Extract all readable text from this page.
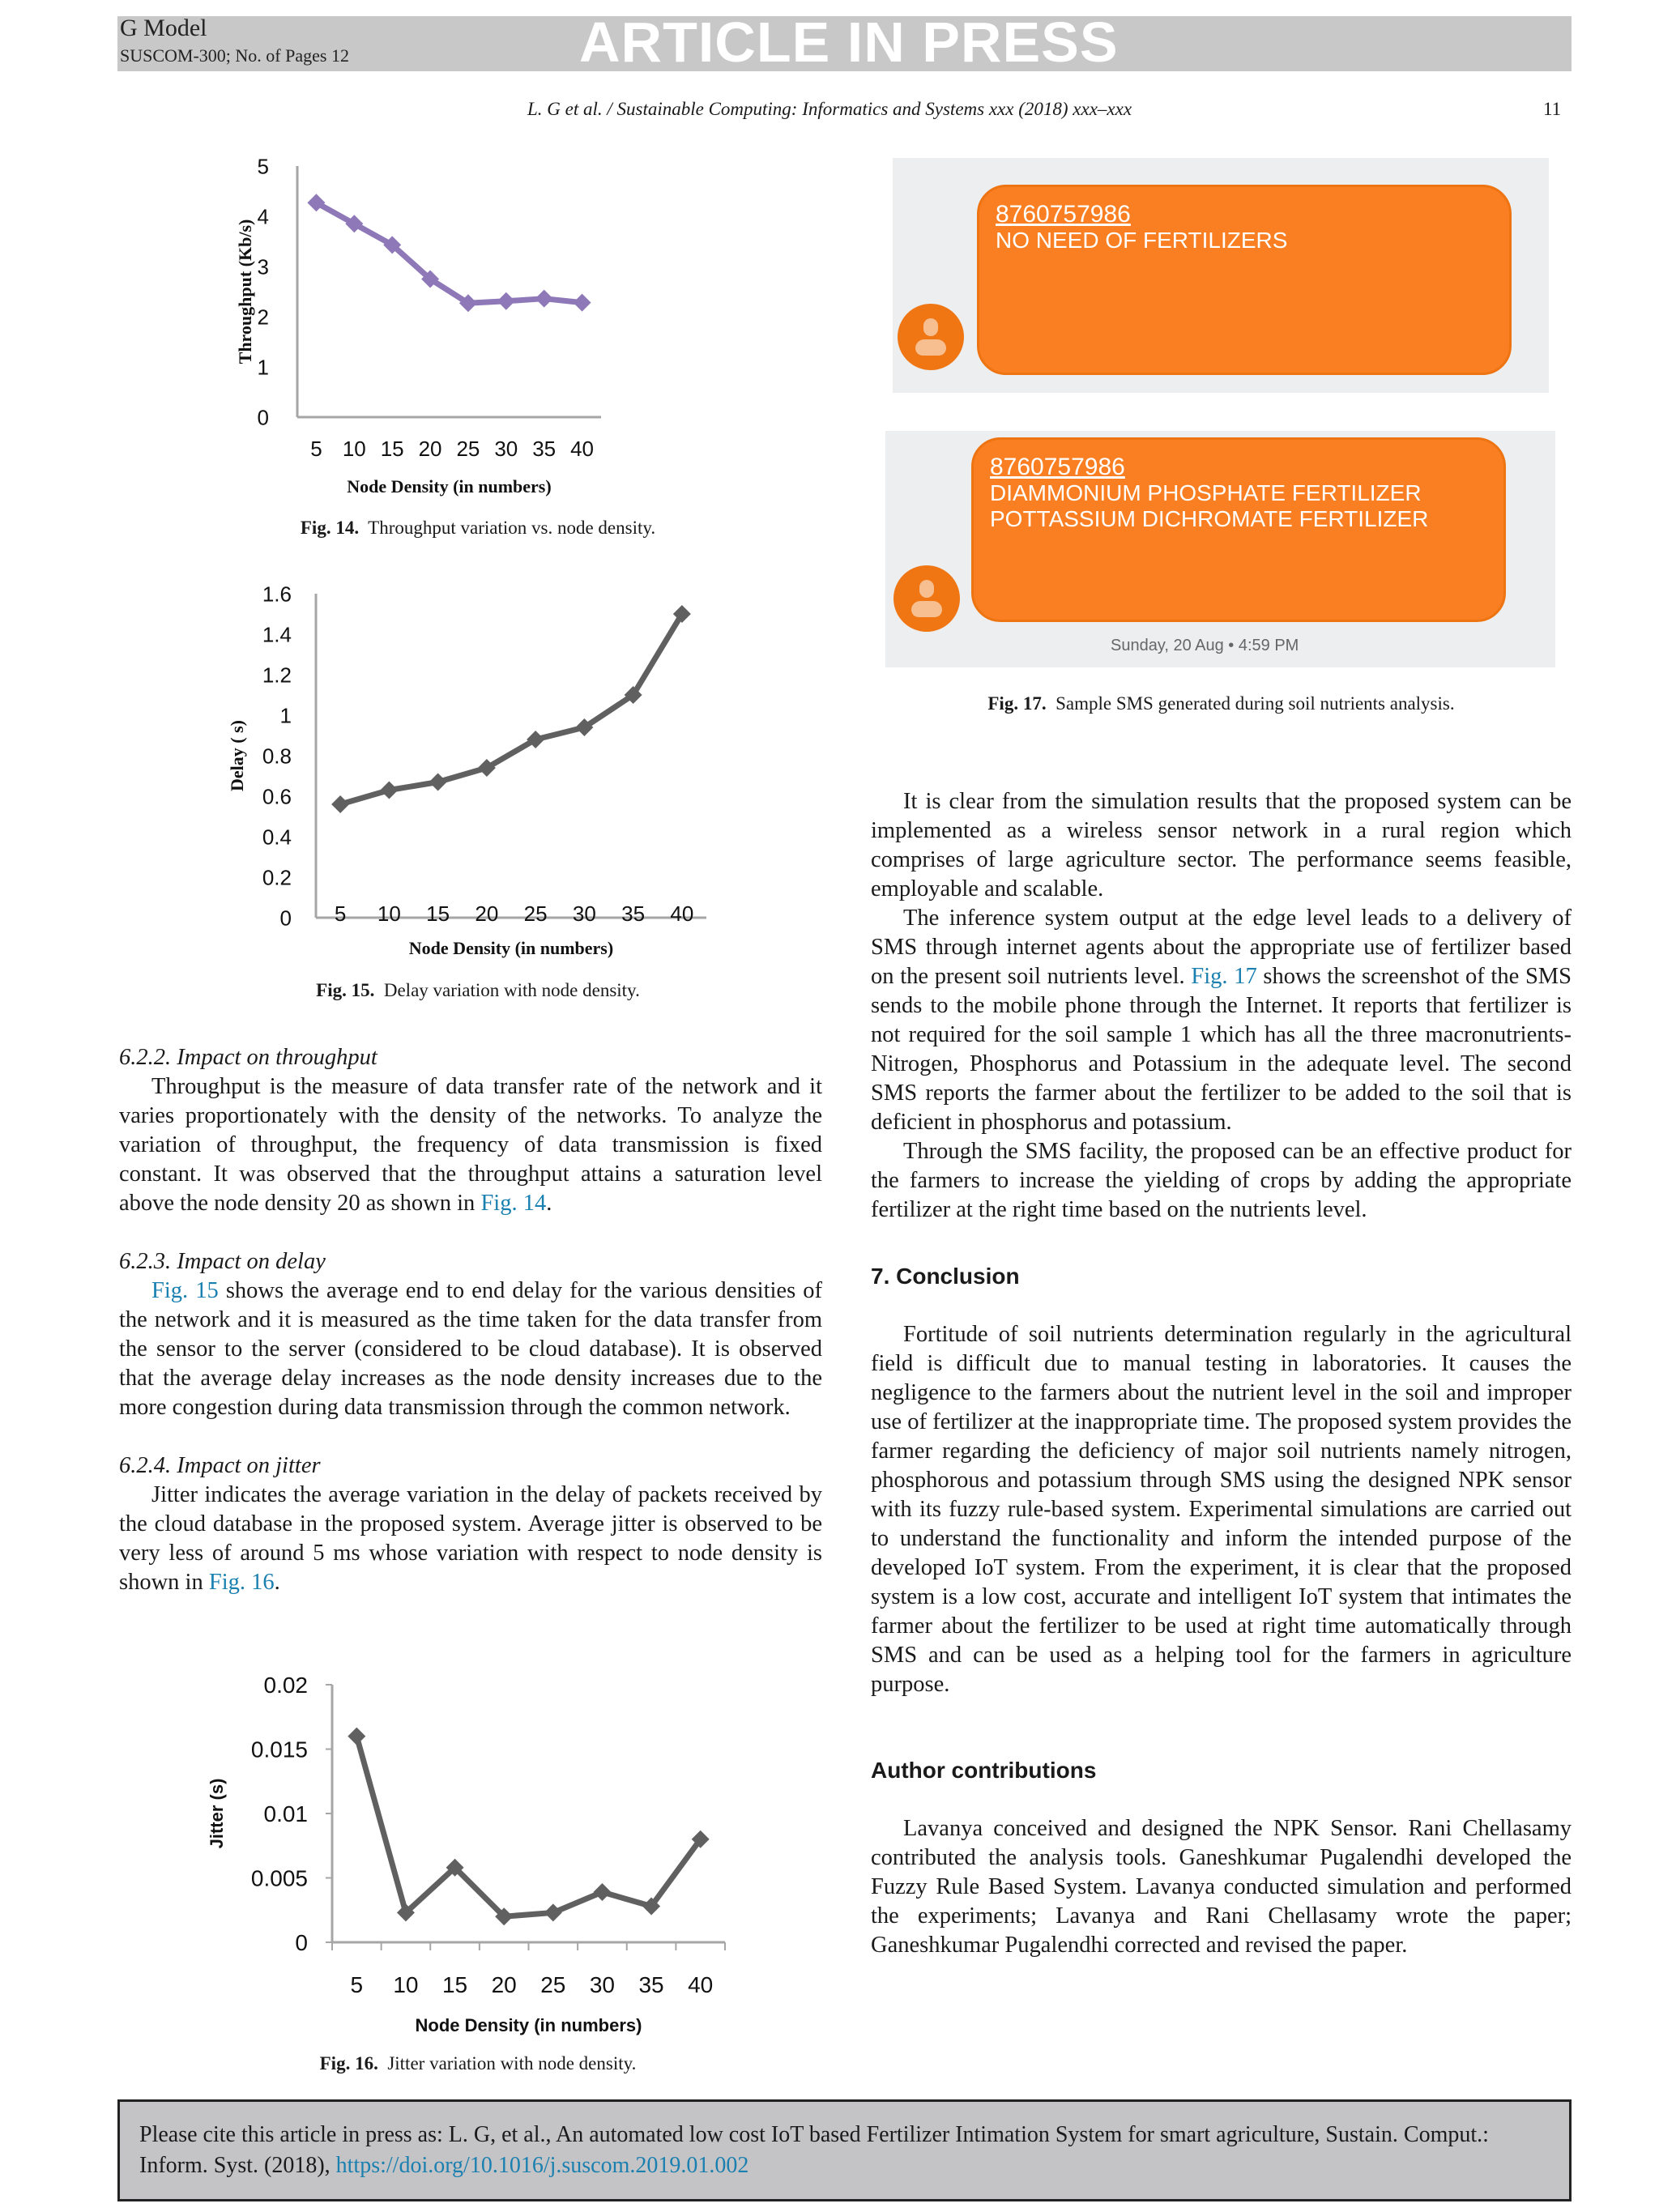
G Model
SUSCOM-300; No. of Pages 12	ARTICLE IN PRESS
L. G et al. / Sustainable Computing: Informatics and Systems xxx (2018) xxx–xxx	11
0
1
2
3
4
5
5 10 15 20 25 30 35 40
Node Density (in numbers)
Throughput (Kb/s)
Fig. 14. Throughput variation vs. node density.
0
0.2
0.4
0.6
0.8
1
1.2
1.4
1.6
5 10 15 20 25 30 35 40
Node Density (in numbers)
Delay ( s)
Fig. 15. Delay variation with node density.

6.2.2. Impact on throughput

Throughput is the measure of data transfer rate of the network and it varies proportionately with the density of the networks. To analyze the variation of throughput, the frequency of data transmission is fixed constant. It was observed that the throughput attains a saturation level above the node density 20 as shown in Fig. 14.

6.2.3. Impact on delay

Fig. 15 shows the average end to end delay for the various densities of the network and it is measured as the time taken for the data transfer from the sensor to the server (considered to be cloud database). It is observed that the average delay increases as the node density increases due to the more congestion during data transmission through the common network.

6.2.4. Impact on jitter

Jitter indicates the average variation in the delay of packets received by the cloud database in the proposed system. Average jitter is observed to be very less of around 5 ms whose variation with respect to node density is shown in Fig. 16.

0
0.005
0.01
0.015
0.02
5 10 15 20 25 30 35 40
Node Density (in numbers)
Jitter (s)
Fig. 16. Jitter variation with node density.
8760757986
NO NEED OF FERTILIZERS
8760757986
DIAMMONIUM PHOSPHATE FERTILIZER
POTTASSIUM DICHROMATE FERTILIZER
Sunday, 20 Aug • 4:59 PM
Fig. 17. Sample SMS generated during soil nutrients analysis.

It is clear from the simulation results that the proposed system can be implemented as a wireless sensor network in a rural region which comprises of large agriculture sector. The performance seems feasible, employable and scalable.

The inference system output at the edge level leads to a delivery of SMS through internet agents about the appropriate use of fertilizer based on the present soil nutrients level. Fig. 17 shows the screenshot of the SMS sends to the mobile phone through the Internet. It reports that fertilizer is not required for the soil sample 1 which has all the three macronutrients- Nitrogen, Phosphorus and Potassium in the adequate level. The second SMS reports the farmer about the fertilizer to be added to the soil that is deficient in phosphorus and potassium.

Through the SMS facility, the proposed can be an effective product for the farmers to increase the yielding of crops by adding the appropriate fertilizer at the right time based on the nutrients level.

7. Conclusion

Fortitude of soil nutrients determination regularly in the agricultural field is difficult due to manual testing in laboratories. It causes the negligence to the farmers about the nutrient level in the soil and improper use of fertilizer at the inappropriate time. The proposed system provides the farmer regarding the deficiency of major soil nutrients namely nitrogen, phosphorous and potassium through SMS using the designed NPK sensor with its fuzzy rule-based system. Experimental simulations are carried out to understand the functionality and inform the intended purpose of the developed IoT system. From the experiment, it is clear that the proposed system is a low cost, accurate and intelligent IoT system that intimates the farmer about the fertilizer to be used at right time automatically through SMS and can be used as a helping tool for the farmers in agriculture purpose.

Author contributions

Lavanya conceived and designed the NPK Sensor. Rani Chellasamy contributed the analysis tools. Ganeshkumar Pugalendhi developed the Fuzzy Rule Based System. Lavanya conducted simulation and performed the experiments; Lavanya and Rani Chellasamy wrote the paper; Ganeshkumar Pugalendhi corrected and revised the paper.

Please cite this article in press as: L. G, et al., An automated low cost IoT based Fertilizer Intimation System for smart agriculture, Sustain. Comput.: Inform. Syst. (2018), https://doi.org/10.1016/j.suscom.2019.01.002
